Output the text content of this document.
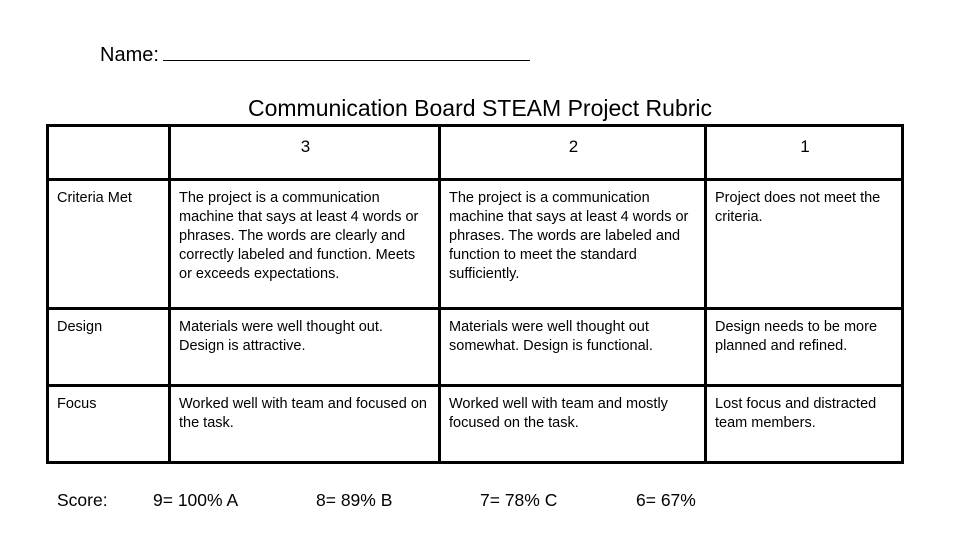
Name:
Communication Board STEAM Project Rubric
	3	2	1
Criteria Met	The project is a communication machine that says at least 4 words or phrases. The words are clearly and correctly labeled and function. Meets or exceeds expectations.	The project is a communication machine that says at least 4 words or phrases. The words are labeled and function to meet the standard sufficiently.	Project does not meet the criteria.
Design	Materials were well thought out. Design is attractive.	Materials were well thought out somewhat. Design is functional.	Design needs to be more planned and refined.
Focus	Worked well with team and focused on the task.	Worked well with team and mostly focused on the task.	Lost focus and distracted team members.
Score:	9= 100% A	8= 89% B	7= 78% C	6= 67%
